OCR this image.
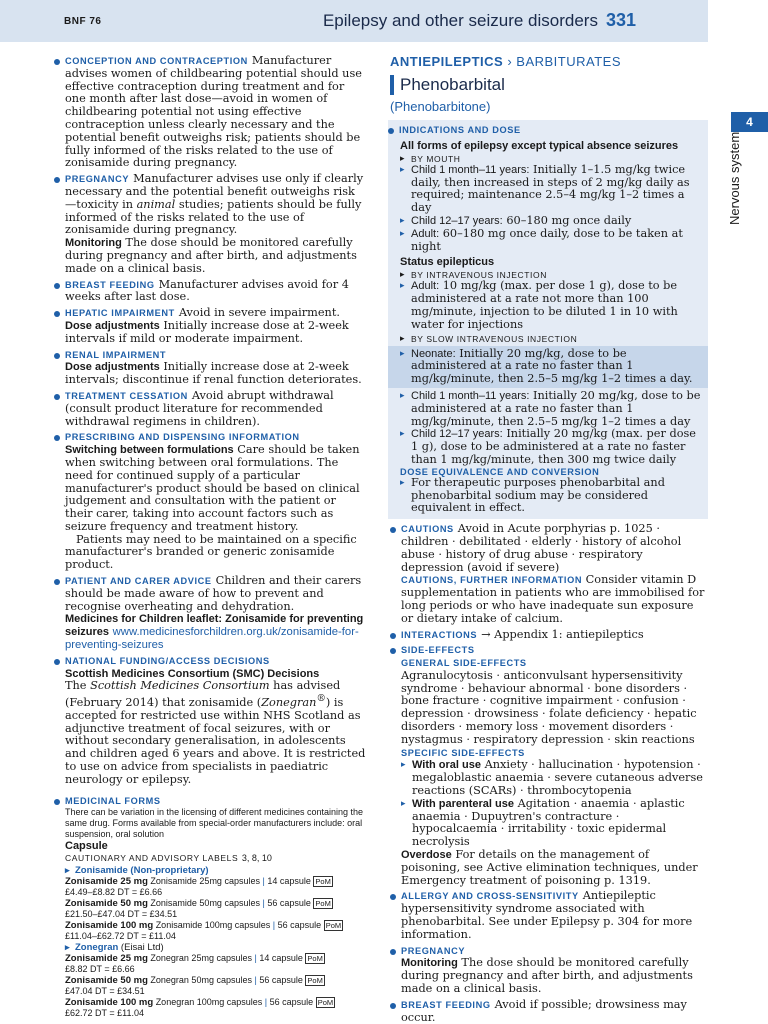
BNF 76	Epilepsy and other seizure disorders 331
4
Nervous system
CONCEPTION AND CONTRACEPTION Manufacturer advises women of childbearing potential should use effective contraception during treatment and for one month after last dose—avoid in women of childbearing potential not using effective contraception unless clearly necessary and the potential benefit outweighs risk; patients should be fully informed of the risks related to the use of zonisamide during pregnancy.
PREGNANCY Manufacturer advises use only if clearly necessary and the potential benefit outweighs risk—toxicity in animal studies; patients should be fully informed of the risks related to the use of zonisamide during pregnancy.
Monitoring The dose should be monitored carefully during pregnancy and after birth, and adjustments made on a clinical basis.
BREAST FEEDING Manufacturer advises avoid for 4 weeks after last dose.
HEPATIC IMPAIRMENT Avoid in severe impairment.
Dose adjustments Initially increase dose at 2-week intervals if mild or moderate impairment.
RENAL IMPAIRMENT
Dose adjustments Initially increase dose at 2-week intervals; discontinue if renal function deteriorates.
TREATMENT CESSATION Avoid abrupt withdrawal (consult product literature for recommended withdrawal regimens in children).
PRESCRIBING AND DISPENSING INFORMATION
Switching between formulations Care should be taken when switching between oral formulations. The need for continued supply of a particular manufacturer's product should be based on clinical judgement and consultation with the patient or their carer, taking into account factors such as seizure frequency and treatment history.
Patients may need to be maintained on a specific manufacturer's branded or generic zonisamide product.
PATIENT AND CARER ADVICE Children and their carers should be made aware of how to prevent and recognise overheating and dehydration.
Medicines for Children leaflet: Zonisamide for preventing seizures www.medicinesforchildren.org.uk/zonisamide-for-preventing-seizures
NATIONAL FUNDING/ACCESS DECISIONS
Scottish Medicines Consortium (SMC) Decisions
The Scottish Medicines Consortium has advised (February 2014) that zonisamide (Zonegran®) is accepted for restricted use within NHS Scotland as adjunctive treatment of focal seizures, with or without secondary generalisation, in adolescents and children aged 6 years and above. It is restricted to use on advice from specialists in paediatric neurology or epilepsy.
MEDICINAL FORMS

There can be variation in the licensing of different medicines containing the same drug. Forms available from special-order manufacturers include: oral suspension, oral solution
Capsule
CAUTIONARY AND ADVISORY LABELS 3, 8, 10
▸ Zonisamide (Non-proprietary)
Zonisamide 25 mg Zonisamide 25mg capsules | 14 capsule PoM
£4.49–£8.82 DT = £6.66
Zonisamide 50 mg Zonisamide 50mg capsules | 56 capsule PoM
£21.50–£47.04 DT = £34.51
Zonisamide 100 mg Zonisamide 100mg capsules | 56 capsule PoM
£11.04–£62.72 DT = £11.04
▸ Zonegran (Eisai Ltd)
Zonisamide 25 mg Zonegran 25mg capsules | 14 capsule PoM
£8.82 DT = £6.66
Zonisamide 50 mg Zonegran 50mg capsules | 56 capsule PoM
£47.04 DT = £34.51
Zonisamide 100 mg Zonegran 100mg capsules | 56 capsule PoM
£62.72 DT = £11.04
ANTIEPILEPTICS › BARBITURATES
Phenobarbital
(Phenobarbitone)
INDICATIONS AND DOSE
All forms of epilepsy except typical absence seizures
▸ BY MOUTH
▸ Child 1 month–11 years: Initially 1–1.5 mg/kg twice daily, then increased in steps of 2 mg/kg daily as required; maintenance 2.5–4 mg/kg 1–2 times a day
▸ Child 12–17 years: 60–180 mg once daily
▸ Adult: 60–180 mg once daily, dose to be taken at night
Status epilepticus
▸ BY INTRAVENOUS INJECTION
▸ Adult: 10 mg/kg (max. per dose 1 g), dose to be administered at a rate not more than 100 mg/minute, injection to be diluted 1 in 10 with water for injections
▸ BY SLOW INTRAVENOUS INJECTION
▸ Neonate: Initially 20 mg/kg, dose to be administered at a rate no faster than 1 mg/kg/minute, then 2.5–5 mg/kg 1–2 times a day.
▸ Child 1 month–11 years: Initially 20 mg/kg, dose to be administered at a rate no faster than 1 mg/kg/minute, then 2.5–5 mg/kg 1–2 times a day
▸ Child 12–17 years: Initially 20 mg/kg (max. per dose 1 g), dose to be administered at a rate no faster than 1 mg/kg/minute, then 300 mg twice daily
DOSE EQUIVALENCE AND CONVERSION
▸ For therapeutic purposes phenobarbital and phenobarbital sodium may be considered equivalent in effect.
CAUTIONS Avoid in Acute porphyrias p. 1025 · children · debilitated · elderly · history of alcohol abuse · history of drug abuse · respiratory depression (avoid if severe)
CAUTIONS, FURTHER INFORMATION Consider vitamin D supplementation in patients who are immobilised for long periods or who have inadequate sun exposure or dietary intake of calcium.
INTERACTIONS → Appendix 1: antiepileptics
SIDE-EFFECTS
GENERAL SIDE-EFFECTS
Agranulocytosis · anticonvulsant hypersensitivity syndrome · behaviour abnormal · bone disorders · bone fracture · cognitive impairment · confusion · depression · drowsiness · folate deficiency · hepatic disorders · memory loss · movement disorders · nystagmus · respiratory depression · skin reactions
SPECIFIC SIDE-EFFECTS
▸ With oral use Anxiety · hallucination · hypotension · megaloblastic anaemia · severe cutaneous adverse reactions (SCARs) · thrombocytopenia
▸ With parenteral use Agitation · anaemia · aplastic anaemia · Dupuytren's contracture · hypocalcaemia · irritability · toxic epidermal necrolysis
Overdose For details on the management of poisoning, see Active elimination techniques, under Emergency treatment of poisoning p. 1319.
ALLERGY AND CROSS-SENSITIVITY Antiepileptic hypersensitivity syndrome associated with phenobarbital. See under Epilepsy p. 304 for more information.
PREGNANCY
Monitoring The dose should be monitored carefully during pregnancy and after birth, and adjustments made on a clinical basis.
BREAST FEEDING Avoid if possible; drowsiness may occur.
